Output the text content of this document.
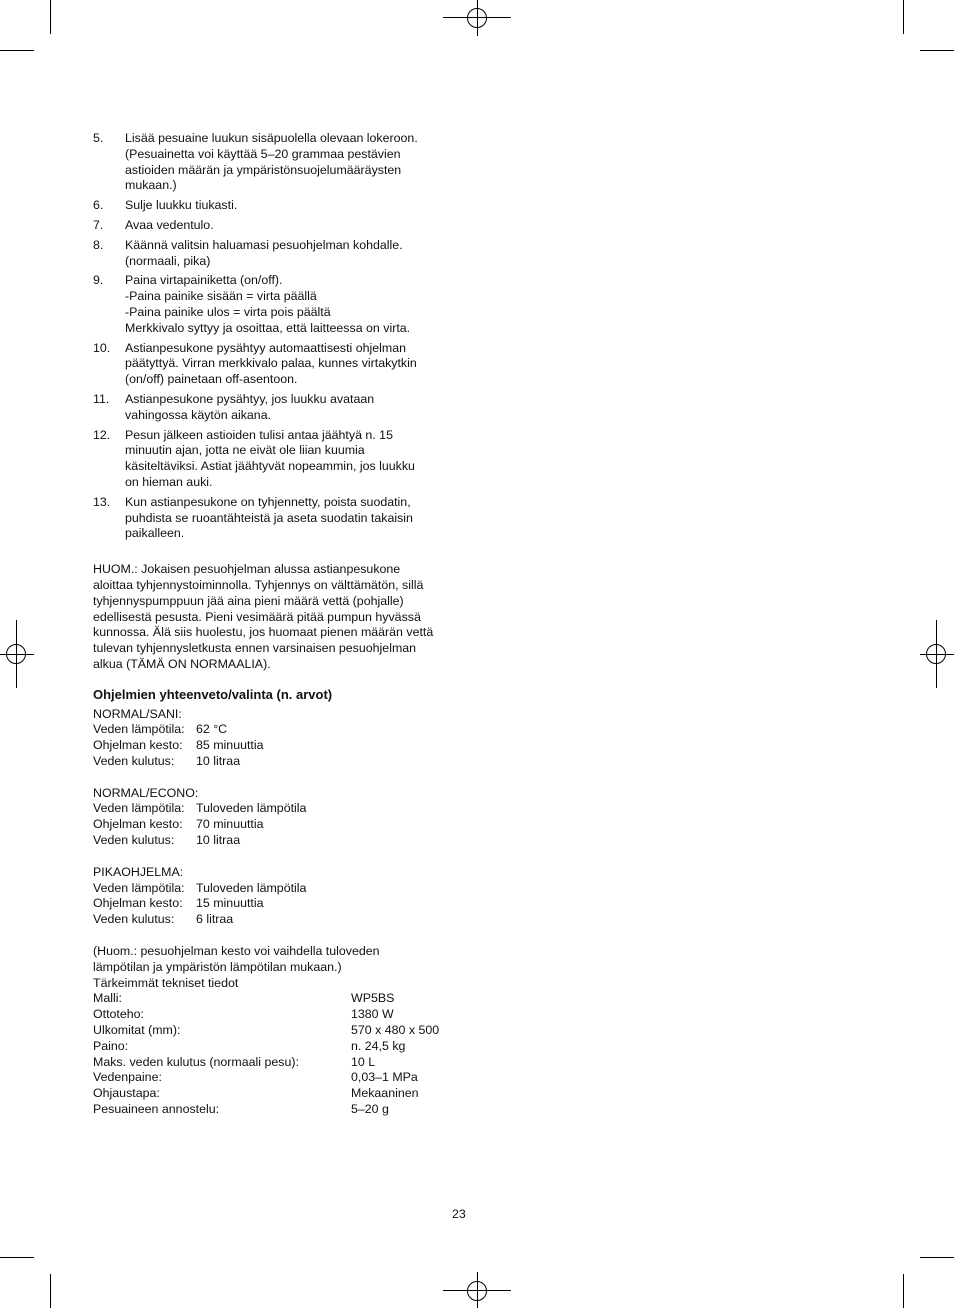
5.	Lisää pesuaine luukun sisäpuolella olevaan lokeroon.
(Pesuainetta voi käyttää 5–20 grammaa pestävien
astioiden määrän ja ympäristönsuojelumääräysten
mukaan.)
6.	Sulje luukku tiukasti.
7.	Avaa vedentulo.
8.	Käännä valitsin haluamasi pesuohjelman kohdalle.
(normaali, pika)
9.	Paina virtapainiketta (on/off).
-Paina painike sisään = virta päällä
-Paina painike ulos = virta pois päältä
Merkkivalo syttyy ja osoittaa, että laitteessa on virta.
10.	Astianpesukone pysähtyy automaattisesti ohjelman
päätyttyä. Virran merkkivalo palaa, kunnes virtakytkin
(on/off) painetaan off-asentoon.
11.	Astianpesukone pysähtyy, jos luukku avataan
vahingossa käytön aikana.
12.	Pesun jälkeen astioiden tulisi antaa jäähtyä n. 15
minuutin ajan, jotta ne eivät ole liian kuumia
käsiteltäviksi. Astiat jäähtyvät nopeammin, jos luukku
on hieman auki.
13.	Kun astianpesukone on tyhjennetty, poista suodatin,
puhdista se ruoantähteistä ja aseta suodatin takaisin
paikalleen.
HUOM.: Jokaisen pesuohjelman alussa astianpesukone
aloittaa tyhjennystoiminnolla. Tyhjennys on välttämätön, sillä
tyhjennyspumppuun jää aina pieni määrä vettä (pohjalle)
edellisestä pesusta. Pieni vesimäärä pitää pumpun hyvässä
kunnossa. Älä siis huolestu, jos huomaat pienen määrän vettä
tulevan tyhjennysletkusta ennen varsinaisen pesuohjelman
alkua (TÄMÄ ON NORMAALIA).
Ohjelmien yhteenveto/valinta (n. arvot)
NORMAL/SANI:
Veden lämpötila: 62 °C
Ohjelman kesto:	85 minuuttia
Veden kulutus:	10 litraa
NORMAL/ECONO:
Veden lämpötila: Tuloveden lämpötila
Ohjelman kesto:	70 minuuttia
Veden kulutus:	10 litraa
PIKAOHJELMA:
Veden lämpötila: Tuloveden lämpötila
Ohjelman kesto:	15 minuuttia
Veden kulutus:	6 litraa
(Huom.: pesuohjelman kesto voi vaihdella tuloveden
lämpötilan ja ympäristön lämpötilan mukaan.)
Tärkeimmät tekniset tiedot
Malli:	WP5BS
Ottoteho:	1380 W
Ulkomitat (mm):	570 x 480 x 500
Paino:	n. 24,5 kg
Maks. veden kulutus (normaali pesu):	10 L
Vedenpaine:	0,03–1 MPa
Ohjaustapa:	Mekaaninen
Pesuaineen annostelu:	5–20 g
23
